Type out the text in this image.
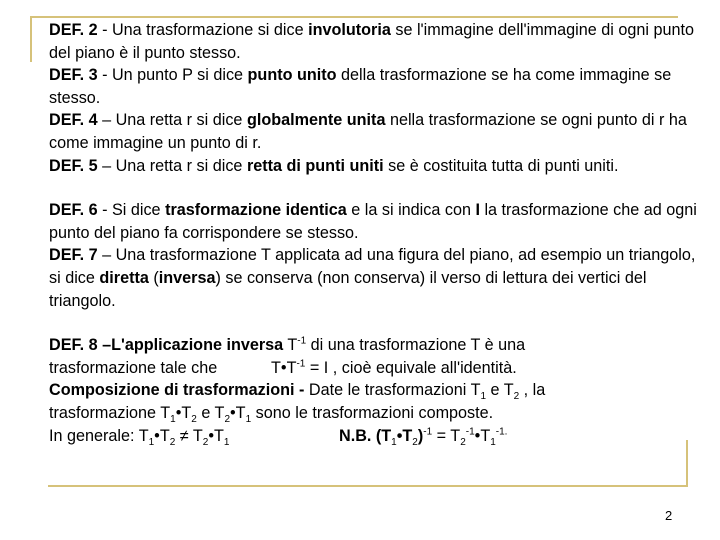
DEF. 2 - Una trasformazione si dice involutoria se l'immagine dell'immagine di ogni punto del piano è il punto stesso.

DEF. 3 - Un punto P si dice punto unito della trasformazione se ha come immagine se stesso.

DEF. 4 – Una retta r si dice globalmente unita nella trasformazione se ogni punto di r ha come immagine un punto di r.

DEF. 5 – Una retta r si dice retta di punti uniti se è costituita tutta di punti uniti.

DEF. 6 - Si dice trasformazione identica e la si indica con I la trasformazione che ad ogni punto del piano fa corrispondere se stesso.

DEF. 7 – Una trasformazione T applicata ad una figura del piano, ad esempio un triangolo, si dice diretta (inversa) se conserva (non conserva) il verso di lettura dei vertici del triangolo.

DEF. 8 –L'applicazione inversa $T^{-1}$ di una trasformazione T è una

trasformazione tale che	$T•T^{-1} = I$ , cioè equivale all'identità.

Composizione di trasformazioni - Date le trasformazioni $T_1$ e $T_2$ , la

trasformazione $T_1•T_2$ e $T_2•T_1$ sono le trasformazioni composte.

In generale: $T_1•T_2$ ≠ $T_2•T_1$	N.B. $(T_1•T_2)^{-1}$ = $T_2^{-1}•T_1^{-1.}$

2
